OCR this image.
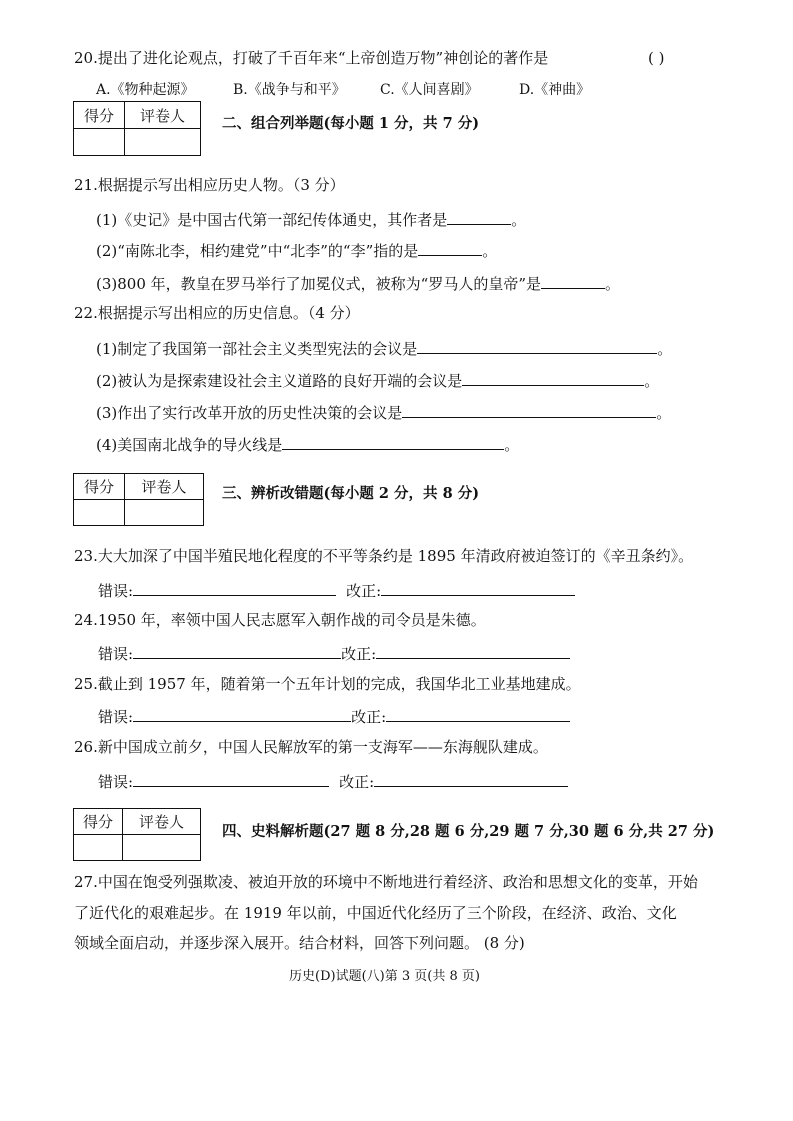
20.提出了进化论观点，打破了千百年来“上帝创造万物”神创论的著作是	( )
A.《物种起源》	B.《战争与和平》 C.《人间喜剧》	D.《神曲》
得分	评卷人
		二、组合列举题(每小题 1 分，共 7 分)
21.根据提示写出相应历史人物。（3 分）
(1)《史记》是中国古代第一部纪传体通史，其作者是	。
(2)“南陈北李，相约建党”中“北李”的“李”指的是	。
(3)800 年，教皇在罗马举行了加冕仪式，被称为“罗马人的皇帝”是	。
22.根据提示写出相应的历史信息。（4 分）
(1)制定了我国第一部社会主义类型宪法的会议是	。
(2)被认为是探索建设社会主义道路的良好开端的会议是	。
(3)作出了实行改革开放的历史性决策的会议是	。
(4)美国南北战争的导火线是	。
得分	评卷人
	三、辨析改错题(每小题 2 分，共 8 分)
23.大大加深了中国半殖民地化程度的不平等条约是 1895 年清政府被迫签订的《辛丑条约》。
错误:	改正:
24.1950 年，率领中国人民志愿军入朝作战的司令员是朱德。
错误:	改正:
25.截止到 1957 年，随着第一个五年计划的完成，我国华北工业基地建成。
错误:	改正:
26.新中国成立前夕，中国人民解放军的第一支海军——东海舰队建成。
错误:	改正:
得分	评卷人

四、史料解析题(27 题 8 分,28 题 6 分,29 题 7 分,30 题 6 分,共 27 分)
27.中国在饱受列强欺凌、被迫开放的环境中不断地进行着经济、政治和思想文化的变革，开始
了近代化的艰难起步。在 1919 年以前，中国近代化经历了三个阶段，在经济、政治、文化
领域全面启动，并逐步深入展开。结合材料，回答下列问题。 (8 分)
历史(D)试题(八)第 3 页(共 8 页)
